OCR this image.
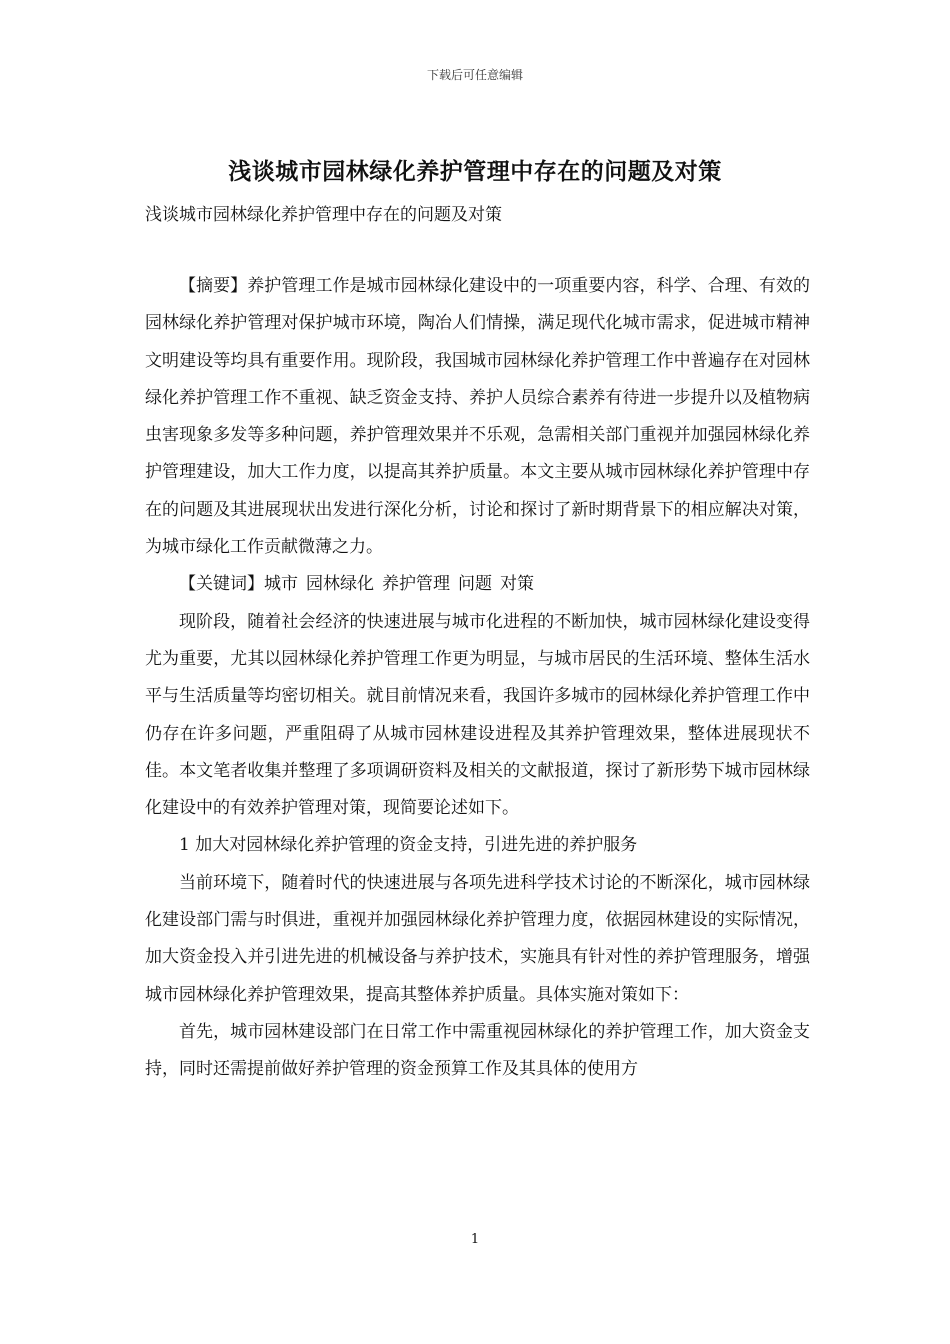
下载后可任意编辑
浅谈城市园林绿化养护管理中存在的问题及对策
浅谈城市园林绿化养护管理中存在的问题及对策

【摘要】养护管理工作是城市园林绿化建设中的一项重要内容，科学、合理、有效的园林绿化养护管理对保护城市环境，陶冶人们情操，满足现代化城市需求，促进城市精神文明建设等均具有重要作用。现阶段，我国城市园林绿化养护管理工作中普遍存在对园林绿化养护管理工作不重视、缺乏资金支持、养护人员综合素养有待进一步提升以及植物病虫害现象多发等多种问题，养护管理效果并不乐观，急需相关部门重视并加强园林绿化养护管理建设，加大工作力度，以提高其养护质量。本文主要从城市园林绿化养护管理中存在的问题及其进展现状出发进行深化分析，讨论和探讨了新时期背景下的相应解决对策，为城市绿化工作贡献微薄之力。

【关键词】城市 园林绿化 养护管理 问题 对策

现阶段，随着社会经济的快速进展与城市化进程的不断加快，城市园林绿化建设变得尤为重要，尤其以园林绿化养护管理工作更为明显，与城市居民的生活环境、整体生活水平与生活质量等均密切相关。就目前情况来看，我国许多城市的园林绿化养护管理工作中仍存在许多问题，严重阻碍了从城市园林建设进程及其养护管理效果，整体进展现状不佳。本文笔者收集并整理了多项调研资料及相关的文献报道，探讨了新形势下城市园林绿化建设中的有效养护管理对策，现简要论述如下。

1 加大对园林绿化养护管理的资金支持，引进先进的养护服务

当前环境下，随着时代的快速进展与各项先进科学技术讨论的不断深化，城市园林绿化建设部门需与时俱进，重视并加强园林绿化养护管理力度，依据园林建设的实际情况，加大资金投入并引进先进的机械设备与养护技术，实施具有针对性的养护管理服务，增强城市园林绿化养护管理效果，提高其整体养护质量。具体实施对策如下：

首先，城市园林建设部门在日常工作中需重视园林绿化的养护管理工作，加大资金支持，同时还需提前做好养护管理的资金预算工作及其具体的使用方

1
